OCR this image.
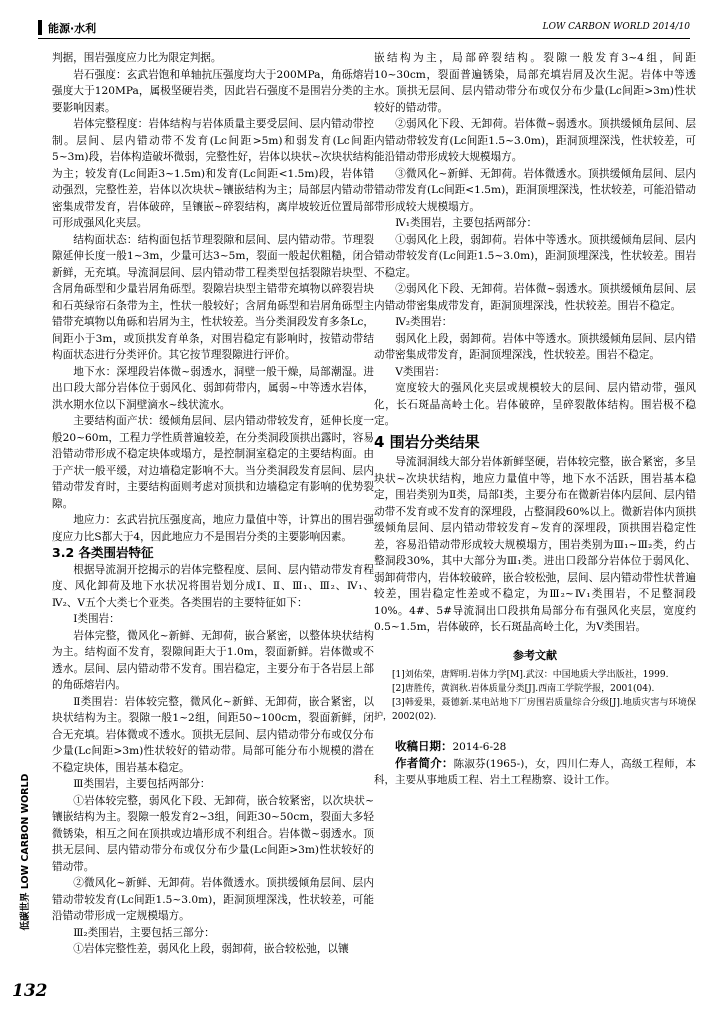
能源·水利	LOW CARBON WORLD 2014/10

判据，围岩强度应力比为限定判据。

岩石强度：玄武岩饱和单轴抗压强度均大于200MPa，角砾熔岩强度大于120MPa，属极坚硬岩类，因此岩石强度不是围岩分类的主要影响因素。

岩体完整程度：岩体结构与岩体质量主要受层间、层内错动带控制。层间、层内错动带不发育(Lc间距>5m)和弱发育(Lc间距5~3m)段，岩体构造破坏微弱，完整性好，岩体以块状~次块状结构为主；较发育(Lc间距3~1.5m)和发育(Lc间距<1.5m)段，岩体错动强烈，完整性差，岩体以次块状~镶嵌结构为主；局部层内错动带密集成带发育，岩体破碎，呈镶嵌~碎裂结构，离岸坡较近位置局部可形成强风化夹层。

结构面状态：结构面包括节理裂隙和层间、层内错动带。节理裂隙延伸长度一般1~3m，少量可达3~5m，裂面一般起伏粗糙，闭合新鲜，无充填。导流洞层间、层内错动带工程类型包括裂隙岩块型、含屑角砾型和少量岩屑角砾型。裂隙岩块型主错带充填物以碎裂岩块和石英绿帘石条带为主，性状一般较好；含屑角砾型和岩屑角砾型主错带充填物以角砾和岩屑为主，性状较差。当分类洞段发育多条Lc，间距小于3m，或顶拱发育单条，对围岩稳定有影响时，按错动带结构面状态进行分类评价。其它按节理裂隙进行评价。

地下水：深埋段岩体微~弱透水，洞壁一般干燥，局部潮湿。进出口段大部分岩体位于弱风化、弱卸荷带内，属弱~中等透水岩体，洪水期水位以下洞壁滴水~线状流水。

主要结构面产状：缓倾角层间、层内错动带较发育，延伸长度一般20~60m，工程力学性质普遍较差，在分类洞段顶拱出露时，容易沿错动带形成不稳定块体或塌方，是控制洞室稳定的主要结构面。由于产状一般平缓，对边墙稳定影响不大。当分类洞段发育层间、层内错动带发育时，主要结构面则考虑对顶拱和边墙稳定有影响的优势裂隙。

地应力：玄武岩抗压强度高，地应力量值中等，计算出的围岩强度应力比S都大于4，因此地应力不是围岩分类的主要影响因素。

3.2 各类围岩特征

根据导流洞开挖揭示的岩体完整程度、层间、层内错动带发育程度、风化卸荷及地下水状况将围岩划分成Ⅰ、Ⅱ、Ⅲ₁、Ⅲ₂、Ⅳ₁、Ⅳ₂、Ⅴ五个大类七个亚类。各类围岩的主要特征如下：

Ⅰ类围岩：

岩体完整，微风化~新鲜、无卸荷，嵌合紧密，以整体块状结构为主。结构面不发育，裂隙间距大于1.0m，裂面新鲜。岩体微或不透水。层间、层内错动带不发育。围岩稳定，主要分布于各岩层上部的角砾熔岩内。

Ⅱ类围岩：岩体较完整，微风化~新鲜、无卸荷，嵌合紧密，以块状结构为主。裂隙一般1~2组，间距50~100cm，裂面新鲜，闭合无充填。岩体微或不透水。顶拱无层间、层内错动带分布或仅分布少量(Lc间距>3m)性状较好的错动带。局部可能分布小规模的潜在不稳定块体，围岩基本稳定。

Ⅲ类围岩，主要包括两部分：

①岩体较完整，弱风化下段、无卸荷，嵌合较紧密，以次块状~镶嵌结构为主。裂隙一般发育2~3组，间距30~50cm，裂面大多轻微锈染，相互之间在顶拱或边墙形成不利组合。岩体微~弱透水。顶拱无层间、层内错动带分布或仅分布少量(Lc间距>3m)性状较好的错动带。

②微风化~新鲜、无卸荷。岩体微透水。顶拱缓倾角层间、层内错动带较发育(Lc间距1.5~3.0m)，距洞顶埋深浅，性状较差，可能沿错动带形成一定规模塌方。

Ⅲ₂类围岩，主要包括三部分：

①岩体完整性差，弱风化上段，弱卸荷，嵌合较松弛，以镶

嵌结构为主，局部碎裂结构。裂隙一般发育3~4组，间距10~30cm，裂面普遍锈染，局部充填岩屑及次生泥。岩体中等透水。顶拱无层间、层内错动带分布或仅分布少量(Lc间距>3m)性状较好的错动带。

②弱风化下段、无卸荷。岩体微~弱透水。顶拱缓倾角层间、层内错动带较发育(Lc间距1.5~3.0m)，距洞顶埋深浅，性状较差，可能沿错动带形成较大规模塌方。

③微风化~新鲜、无卸荷。岩体微透水。顶拱缓倾角层间、层内错动带发育(Lc间距<1.5m)，距洞顶埋深浅，性状较差，可能沿错动带形成较大规模塌方。

Ⅳ₁类围岩，主要包括两部分：

①弱风化上段，弱卸荷。岩体中等透水。顶拱缓倾角层间、层内错动带较发育(Lc间距1.5~3.0m)，距洞顶埋深浅，性状较差。围岩不稳定。

②弱风化下段、无卸荷。岩体微~弱透水。顶拱缓倾角层间、层内错动带密集成带发育，距洞顶埋深浅，性状较差。围岩不稳定。

Ⅳ₂类围岩：

弱风化上段，弱卸荷。岩体中等透水。顶拱缓倾角层间、层内错动带密集成带发育，距洞顶埋深浅，性状较差。围岩不稳定。

Ⅴ类围岩：

宽度较大的强风化夹层或规模较大的层间、层内错动带，强风化，长石斑晶高岭土化。岩体破碎，呈碎裂散体结构。围岩极不稳定。

4 围岩分类结果

导流洞洞线大部分岩体新鲜坚硬，岩体较完整，嵌合紧密，多呈块状~次块状结构，地应力量值中等，地下水不活跃，围岩基本稳定，围岩类别为Ⅱ类，局部Ⅰ类，主要分布在微新岩体内层间、层内错动带不发育或不发育的深埋段，占整洞段60%以上。微新岩体内顶拱缓倾角层间、层内错动带较发育~发育的深埋段，顶拱围岩稳定性差，容易沿错动带形成较大规模塌方，围岩类别为Ⅲ₁~Ⅲ₂类，约占整洞段30%，其中大部分为Ⅲ₁类。进出口段部分岩体位于弱风化、弱卸荷带内，岩体较破碎，嵌合较松弛，层间、层内错动带性状普遍较差，围岩稳定性差或不稳定，为Ⅲ₂~Ⅳ₁类围岩，不足整洞段10%。4#、5#导流洞出口段拱角局部分布有强风化夹层，宽度约0.5~1.5m，岩体破碎，长石斑晶高岭土化，为Ⅴ类围岩。

参考文献

[1]刘佑荣，唐辉明.岩体力学[M].武汉：中国地质大学出版社，1999.

[2]唐胜传，黄润秋.岩体质量分类[J].西南工学院学报，2001(04).

[3]韩爱果，聂德新.某电站地下厂房围岩质量综合分级[J].地质灾害与环境保护，2002(02).

收稿日期：2014-6-28

作者简介：陈淑芬(1965-)，女，四川仁寿人，高级工程师，本科，主要从事地质工程、岩土工程勘察、设计工作。

低碳世界 LOW CARBON WORLD
132
